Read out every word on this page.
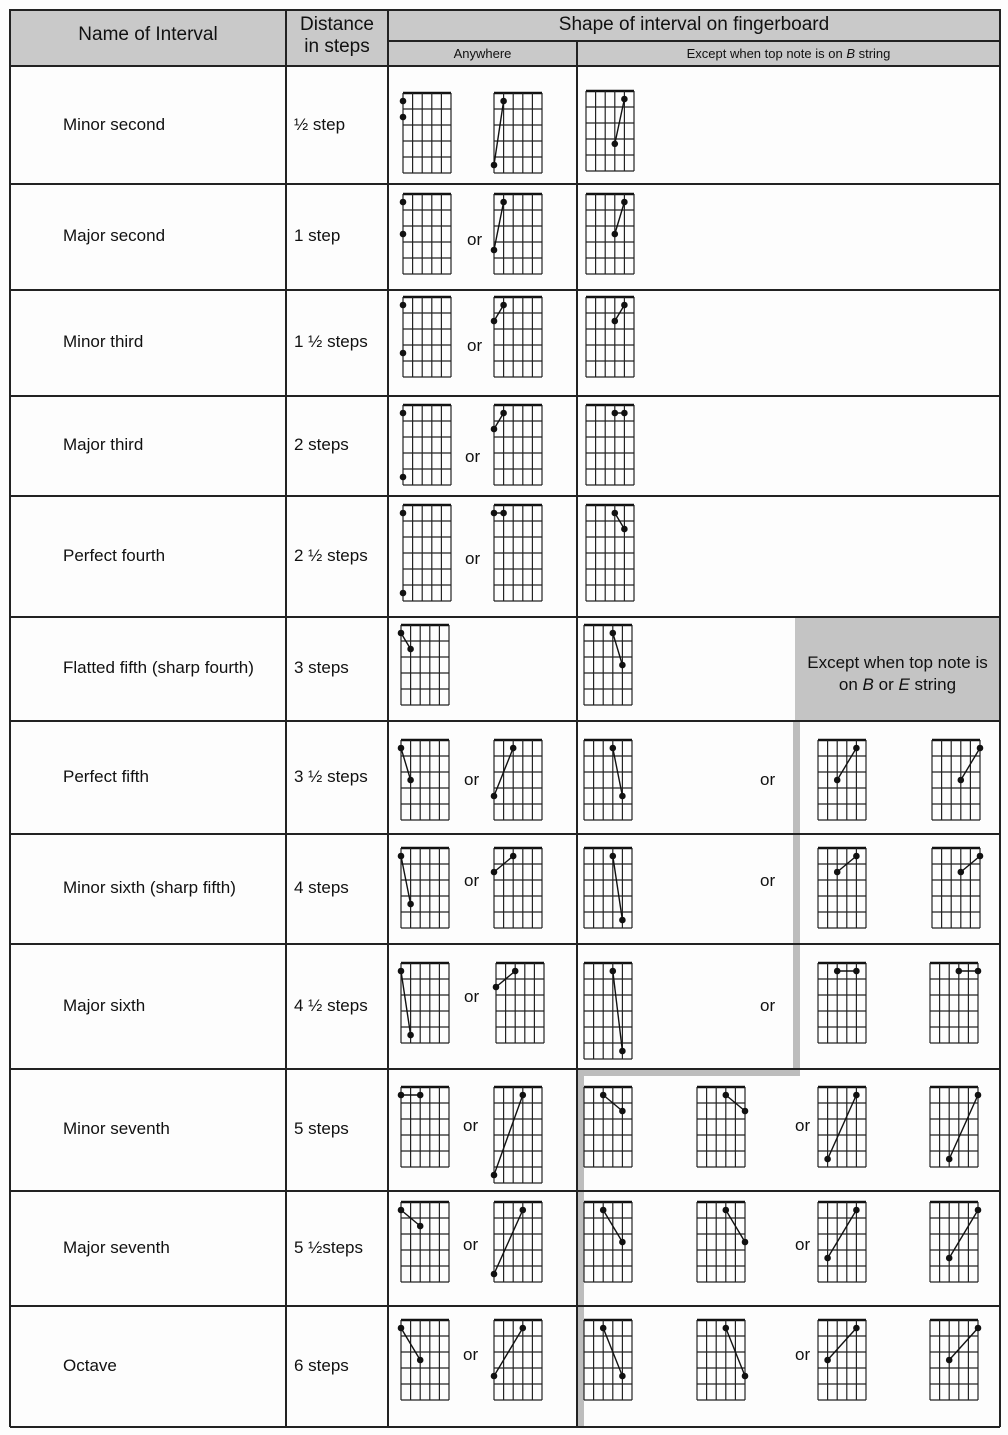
Name of Interval	Distance
in steps
Shape of interval on fingerboard
Anywhere	Except when top note is on B string
Except when top note is
on B or E string
Minor second	½ step
Major second	1 step
Minor third	1 ½ steps
Major third	2 steps
Perfect fourth	2 ½ steps
Flatted fifth (sharp fourth) 3 steps
Perfect fifth	3 ½ steps
Minor sixth (sharp fifth)	4 steps
Major sixth	4 ½ steps
Minor seventh	5 steps
Major seventh	5 ½steps
Octave	6 steps
or
or
or
or
or	or
or	or
or	or
or	or
or	or
or	or
